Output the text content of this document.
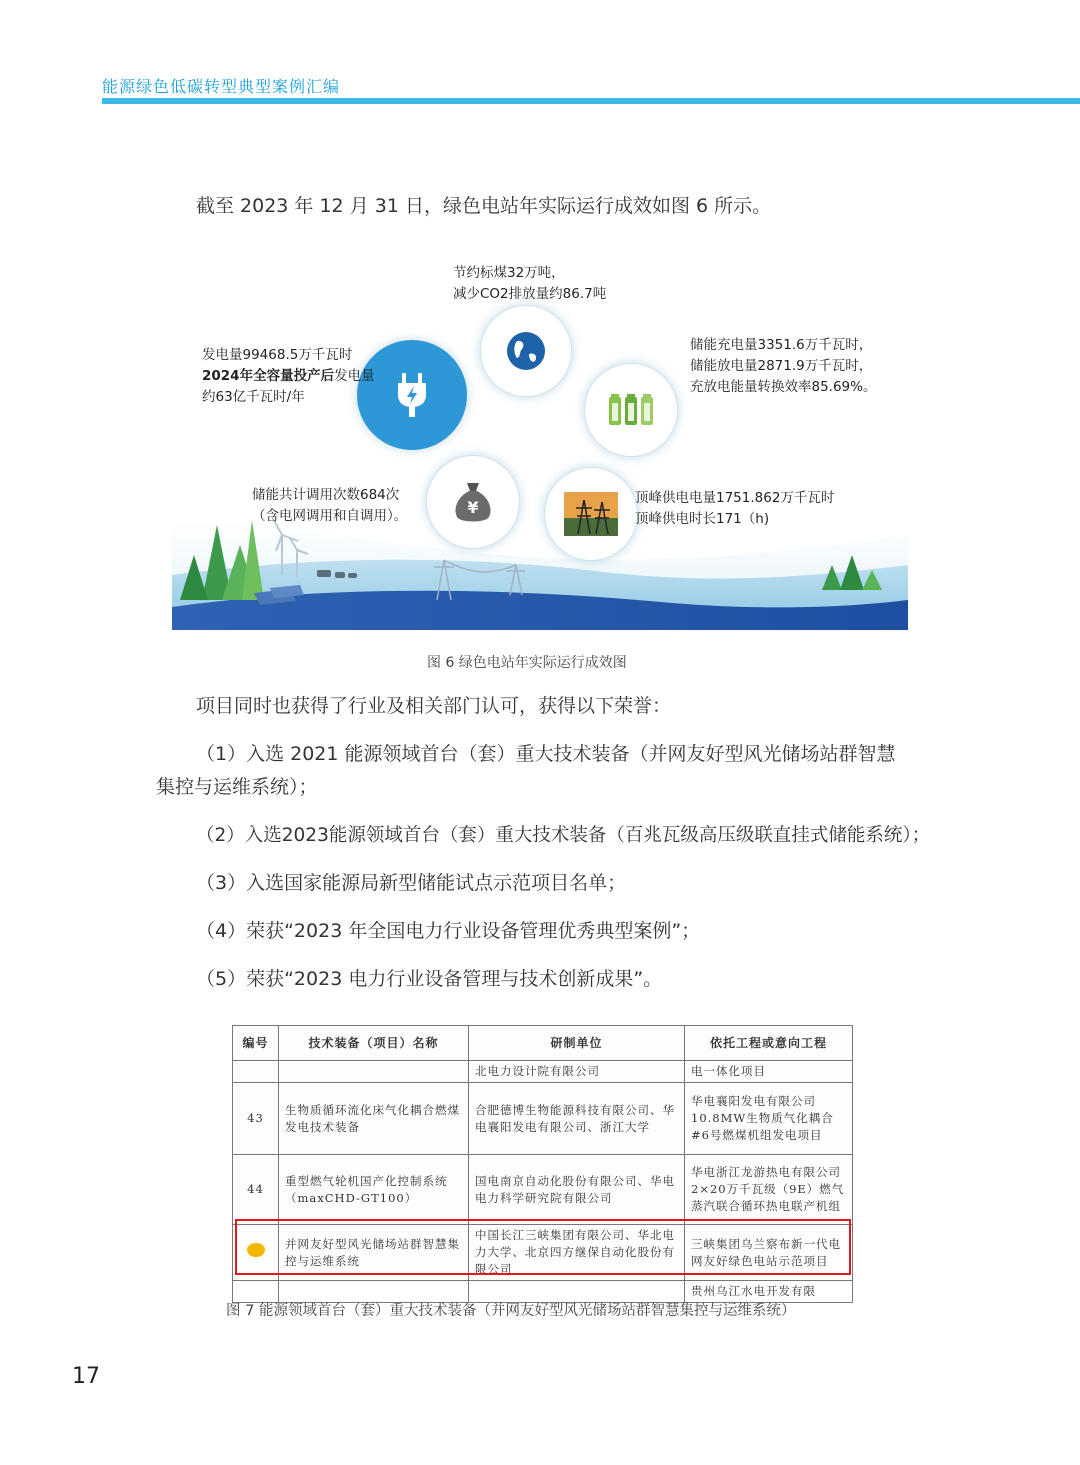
能源绿色低碳转型典型案例汇编
截至 2023 年 12 月 31 日，绿色电站年实际运行成效如图 6 所示。
¥
节约标煤32万吨，
减少CO2排放量约86.7吨
发电量99468.5万千瓦时
2024年全容量投产后发电量
约63亿千瓦时/年
储能充电量3351.6万千瓦时，
储能放电量2871.9万千瓦时，
充放电能量转换效率85.69%。
储能共计调用次数684次
（含电网调用和自调用）。
顶峰供电电量1751.862万千瓦时
顶峰供电时长171（h)
图 6 绿色电站年实际运行成效图
项目同时也获得了行业及相关部门认可，获得以下荣誉：
（1）入选 2021 能源领域首台（套）重大技术装备（并网友好型风光储场站群智慧
集控与运维系统）；
（2）入选2023能源领域首台（套）重大技术装备（百兆瓦级高压级联直挂式储能系统）；
（3）入选国家能源局新型储能试点示范项目名单；
（4）荣获“2023 年全国电力行业设备管理优秀典型案例”；
（5）荣获“2023 电力行业设备管理与技术创新成果”。
编号	技术装备（项目）名称	研制单位	依托工程或意向工程
		北电力设计院有限公司	电一体化项目
43	生物质循环流化床气化耦合燃煤发电技术装备	合肥德博生物能源科技有限公司、华电襄阳发电有限公司、浙江大学	华电襄阳发电有限公司10.8MW生物质气化耦合#6号燃煤机组发电项目
44	重型燃气轮机国产化控制系统（maxCHD-GT100）	国电南京自动化股份有限公司、华电电力科学研究院有限公司	华电浙江龙游热电有限公司2×20万千瓦级（9E）燃气蒸汽联合循环热电联产机组
	并网友好型风光储场站群智慧集控与运维系统	中国长江三峡集团有限公司、华北电力大学、北京四方继保自动化股份有限公司	三峡集团乌兰察布新一代电网友好绿色电站示范项目
			贵州乌江水电开发有限
图 7 能源领域首台（套）重大技术装备（并网友好型风光储场站群智慧集控与运维系统）
17
